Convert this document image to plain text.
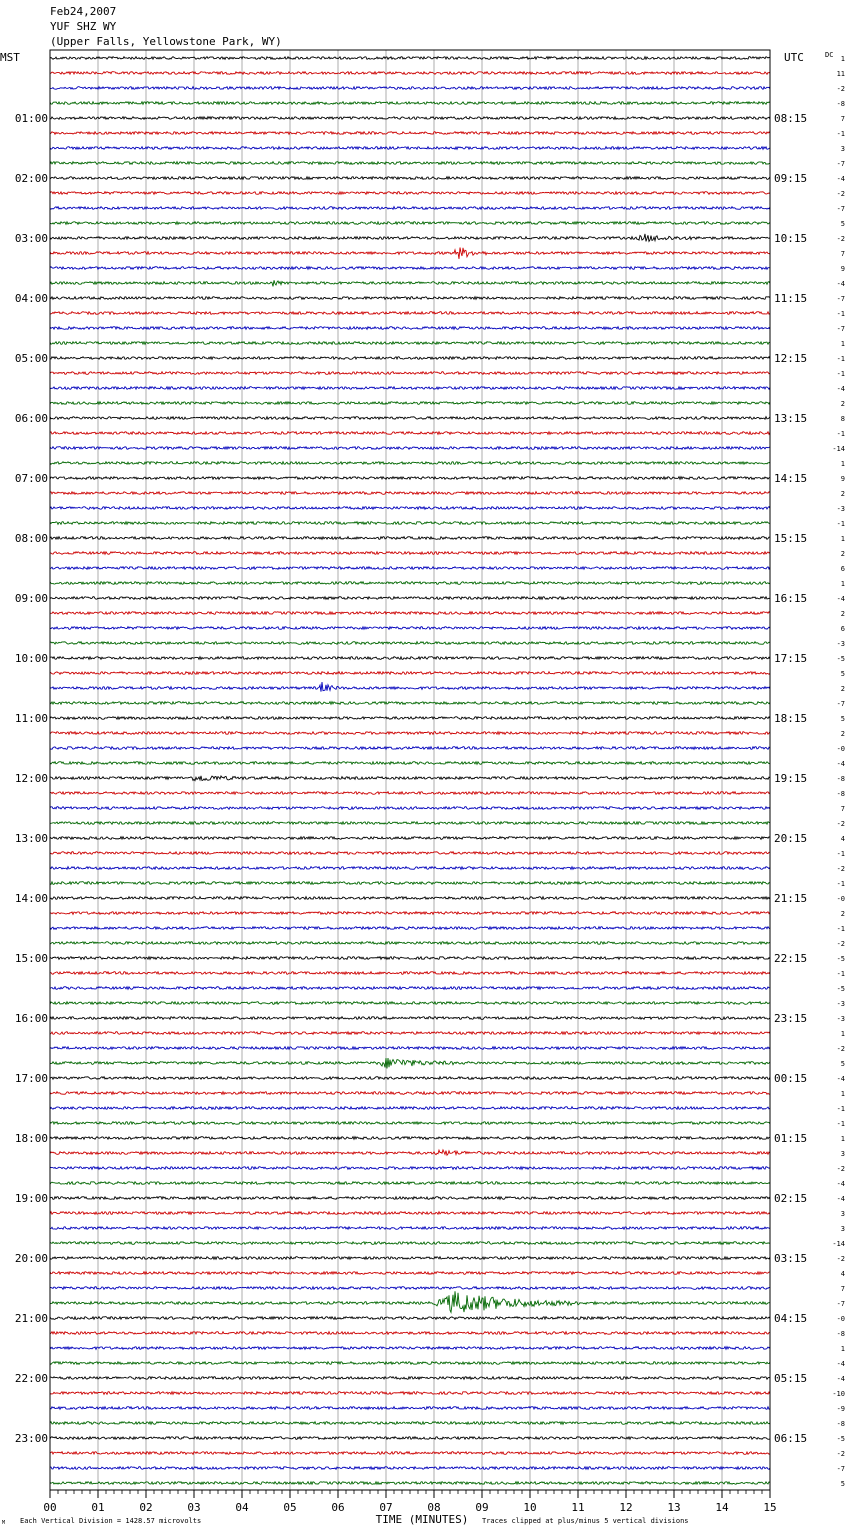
Feb24,2007
YUF SHZ WY
(Upper Falls, Yellowstone Park, WY)
01:00
02:00
03:00
04:00
05:00
06:00
07:00
08:00
09:00
10:00
11:00
12:00
13:00
14:00
15:00
16:00
17:00
18:00
19:00
20:00
21:00
22:00
23:00
08:15
09:15
10:15
11:15
12:15
13:15
14:15
15:15
16:15
17:15
18:15
19:15
20:15
21:15
22:15
23:15
00:15
01:15
02:15
03:15
04:15
05:15
06:15
1
11
-2
-8
7
-1
3
-7
-4
-2
-7
5
-2
7
9
-4
-7
-1
-7
1
-1
-1
-4
2
8
-1
-14
1
9
2
-3
-1
1
2
6
1
-4
2
6
-3
-5
5
2
-7
5
2
-0
-4
-8
-8
7
-2
4
-1
-2
-1
-0
2
-1
-2
-5
-1
-5
-3
-3
1
-2
5
-4
1
-1
-1
1
3
-2
-4
-4
3
3
-14
-2
4
7
-7
-0
-8
1
-4
-4
-10
-9
-8
-5
-2
-7
5
00	01	02	03	04	05	06	07	08	09	10	11	12	13	14	15
MST	UTC	DC
TIME (MINUTES)
Each Vertical Division = 1428.57 microvolts	Traces clipped at plus/minus 5 vertical divisions
M
